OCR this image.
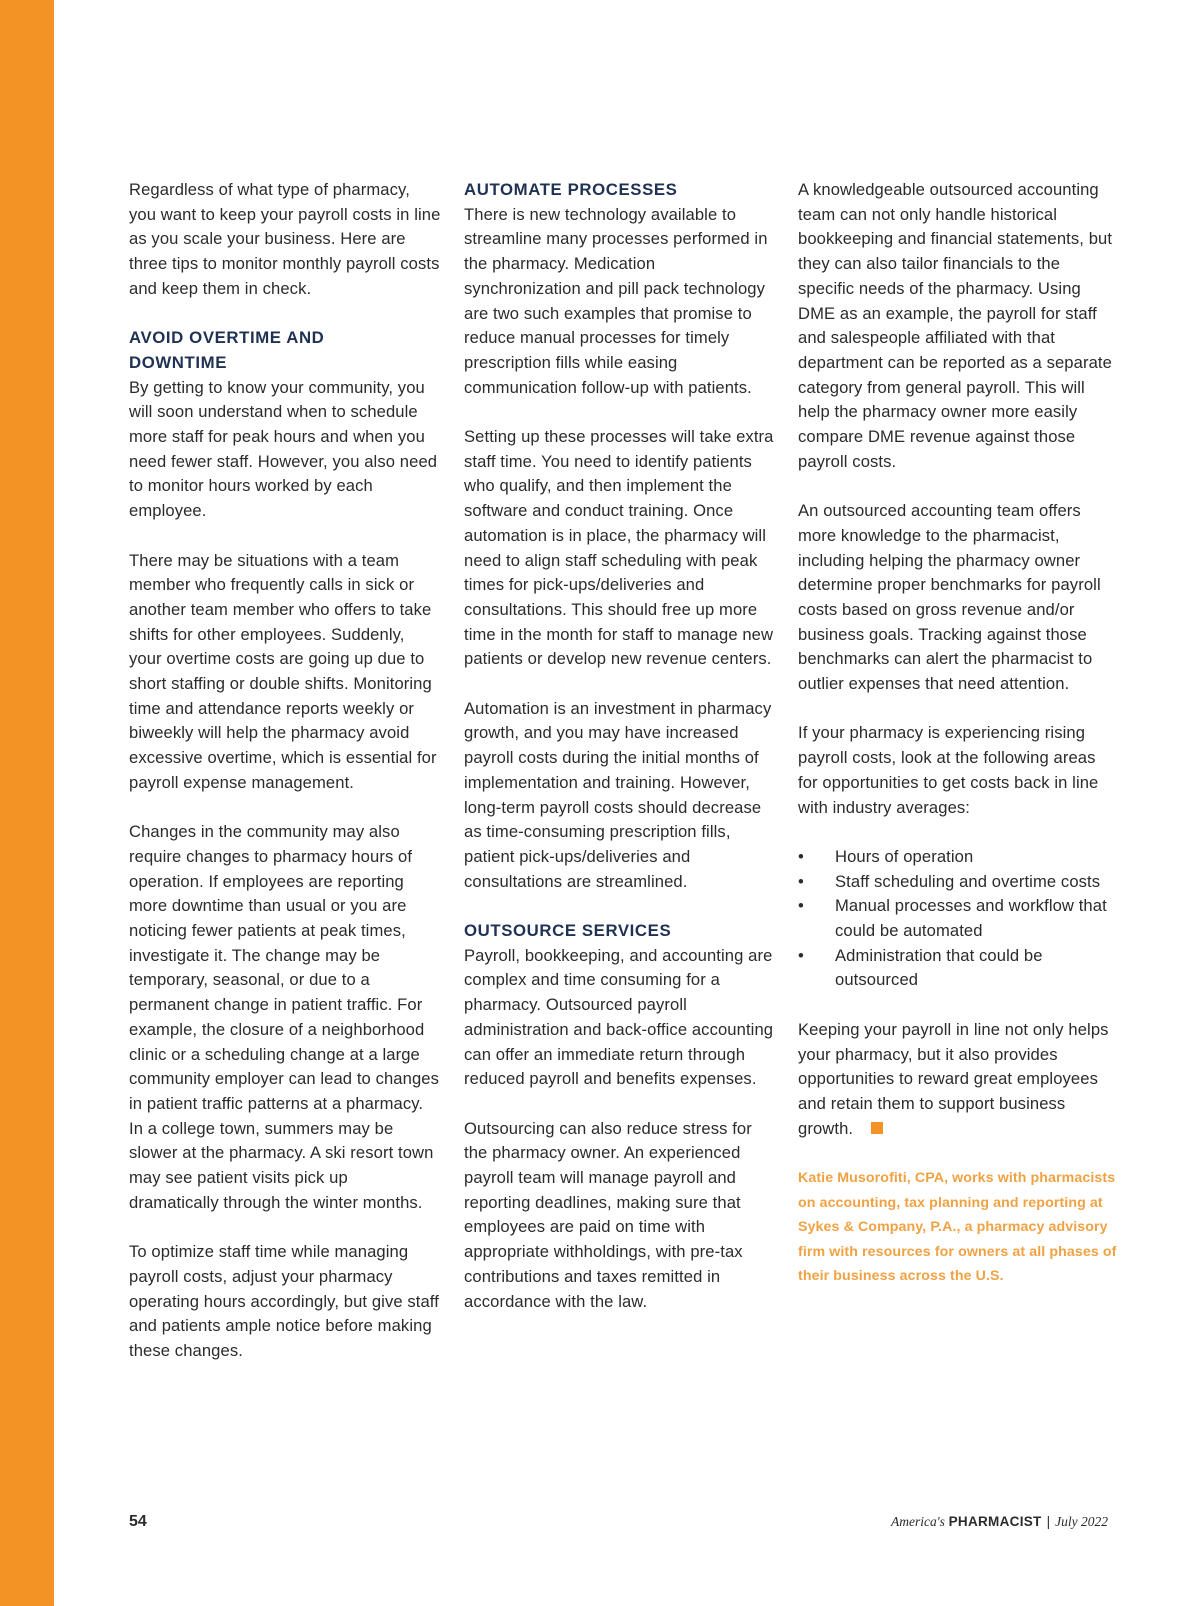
Regardless of what type of pharmacy, you want to keep your payroll costs in line as you scale your business. Here are three tips to monitor monthly payroll costs and keep them in check.

AVOID OVERTIME AND
DOWNTIME

By getting to know your community, you will soon understand when to schedule more staff for peak hours and when you need fewer staff. However, you also need to monitor hours worked by each employee.

There may be situations with a team member who frequently calls in sick or another team member who offers to take shifts for other employees. Suddenly, your overtime costs are going up due to short staffing or double shifts. Monitoring time and attendance reports weekly or biweekly will help the pharmacy avoid excessive overtime, which is essential for payroll expense management.

Changes in the community may also require changes to pharmacy hours of operation. If employees are reporting more downtime than usual or you are noticing fewer patients at peak times, investigate it. The change may be temporary, seasonal, or due to a permanent change in patient traffic. For example, the closure of a neighborhood clinic or a scheduling change at a large community employer can lead to changes in patient traffic patterns at a pharmacy. In a college town, summers may be slower at the pharmacy. A ski resort town may see patient visits pick up dramatically through the winter months.

To optimize staff time while managing payroll costs, adjust your pharmacy operating hours accordingly, but give staff and patients ample notice before making these changes.

AUTOMATE PROCESSES

There is new technology available to streamline many processes performed in the pharmacy. Medication synchronization and pill pack technology are two such examples that promise to reduce manual processes for timely prescription fills while easing communication follow-up with patients.

Setting up these processes will take extra staff time. You need to identify patients who qualify, and then implement the software and conduct training. Once automation is in place, the pharmacy will need to align staff scheduling with peak times for pick-ups/deliveries and consultations. This should free up more time in the month for staff to manage new patients or develop new revenue centers.

Automation is an investment in pharmacy growth, and you may have increased payroll costs during the initial months of implementation and training. However, long-term payroll costs should decrease as time-consuming prescription fills, patient pick-ups/deliveries and consultations are streamlined.

OUTSOURCE SERVICES

Payroll, bookkeeping, and accounting are complex and time consuming for a pharmacy. Outsourced payroll administration and back-office accounting can offer an immediate return through reduced payroll and benefits expenses.

Outsourcing can also reduce stress for the pharmacy owner. An experienced payroll team will manage payroll and reporting deadlines, making sure that employees are paid on time with appropriate withholdings, with pre-tax contributions and taxes remitted in accordance with the law.

A knowledgeable outsourced accounting team can not only handle historical bookkeeping and financial statements, but they can also tailor financials to the specific needs of the pharmacy. Using DME as an example, the payroll for staff and salespeople affiliated with that department can be reported as a separate category from general payroll. This will help the pharmacy owner more easily compare DME revenue against those payroll costs.

An outsourced accounting team offers more knowledge to the pharmacist, including helping the pharmacy owner determine proper benchmarks for payroll costs based on gross revenue and/or business goals. Tracking against those benchmarks can alert the pharmacist to outlier expenses that need attention.

If your pharmacy is experiencing rising payroll costs, look at the following areas for opportunities to get costs back in line with industry averages:

• Hours of operation
• Staff scheduling and overtime costs
• Manual processes and workflow that could be automated
• Administration that could be outsourced

Keeping your payroll in line not only helps your pharmacy, but it also provides opportunities to reward great employees and retain them to support business growth.

Katie Musorofiti, CPA, works with pharmacists on accounting, tax planning and reporting at Sykes & Company, P.A., a pharmacy advisory firm with resources for owners at all phases of their business across the U.S.

54	America's PHARMACIST | July 2022
